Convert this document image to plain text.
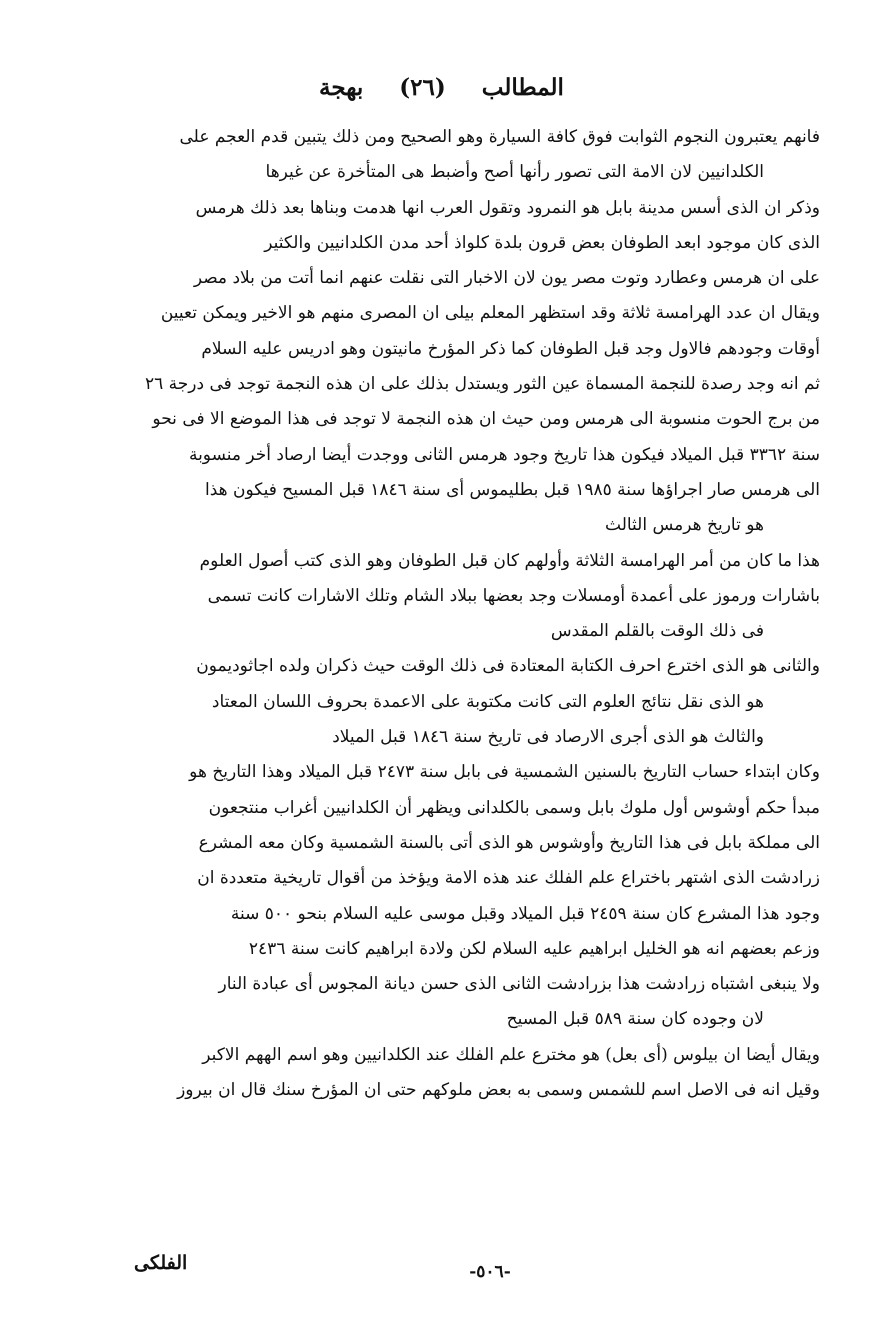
المطالب (٢٦) بهجة
فانهم يعتبرون النجوم الثوابت فوق كافة السيارة وهو الصحيح ومن ذلك يتبين قدم العجم على
الكلدانيين لان الامة التى تصور رأنها أصح وأضبط هى المتأخرة عن غيرها
وذكر ان الذى أسس مدينة بابل هو النمرود وتقول العرب انها هدمت وبناها بعد ذلك هرمس
الذى كان موجود ابعد الطوفان بعض قرون بلدة كلواذ أحد مدن الكلدانيين والكثير
على ان هرمس وعطارد وتوت مصر يون لان الاخبار التى نقلت عنهم انما أتت من بلاد مصر
ويقال ان عدد الهرامسة ثلاثة وقد استظهر المعلم بيلى ان المصرى منهم هو الاخير ويمكن تعيين
أوقات وجودهم فالاول وجد قبل الطوفان كما ذكر المؤرخ مانيتون وهو ادريس عليه السلام
ثم انه وجد رصدة للنجمة المسماة عين الثور ويستدل بذلك على ان هذه النجمة توجد فى درجة ٢٦
من برج الحوت منسوبة الى هرمس ومن حيث ان هذه النجمة لا توجد فى هذا الموضع الا فى نحو
سنة ٣٣٦٢ قبل الميلاد فيكون هذا تاريخ وجود هرمس الثانى ووجدت أيضا ارصاد أخر منسوبة
الى هرمس صار اجراؤها سنة ١٩٨٥ قبل بطليموس أى سنة ١٨٤٦ قبل المسيح فيكون هذا
هو تاريخ هرمس الثالث
هذا ما كان من أمر الهرامسة الثلاثة وأولهم كان قبل الطوفان وهو الذى كتب أصول العلوم
باشارات ورموز على أعمدة أومسلات وجد بعضها ببلاد الشام وتلك الاشارات كانت تسمى
فى ذلك الوقت بالقلم المقدس
والثانى هو الذى اخترع احرف الكتابة المعتادة فى ذلك الوقت حيث ذكران ولده اجاثوديمون
هو الذى نقل نتائج العلوم التى كانت مكتوبة على الاعمدة بحروف اللسان المعتاد
والثالث هو الذى أجرى الارصاد فى تاريخ سنة ١٨٤٦ قبل الميلاد
وكان ابتداء حساب التاريخ بالسنين الشمسية فى بابل سنة ٢٤٧٣ قبل الميلاد وهذا التاريخ هو
مبدأ حكم أوشوس أول ملوك بابل وسمى بالكلدانى ويظهر أن الكلدانيين أغراب منتجعون
الى مملكة بابل فى هذا التاريخ وأوشوس هو الذى أتى بالسنة الشمسية وكان معه المشرع
زرادشت الذى اشتهر باختراع علم الفلك عند هذه الامة ويؤخذ من أقوال تاريخية متعددة ان
وجود هذا المشرع كان سنة ٢٤٥٩ قبل الميلاد وقبل موسى عليه السلام بنحو ٥٠٠ سنة
وزعم بعضهم انه هو الخليل ابراهيم عليه السلام لكن ولادة ابراهيم كانت سنة ٢٤٣٦
ولا ينبغى اشتباه زرادشت هذا بزرادشت الثانى الذى حسن ديانة المجوس أى عبادة النار
لان وجوده كان سنة ٥٨٩ قبل المسيح
ويقال أيضا ان بيلوس (أى بعل) هو مخترع علم الفلك عند الكلدانيين وهو اسم الههم الاكبر
وقيل انه فى الاصل اسم للشمس وسمى به بعض ملوكهم حتى ان المؤرخ سنك قال ان بيروز
الفلكى	-٥٠٦-
